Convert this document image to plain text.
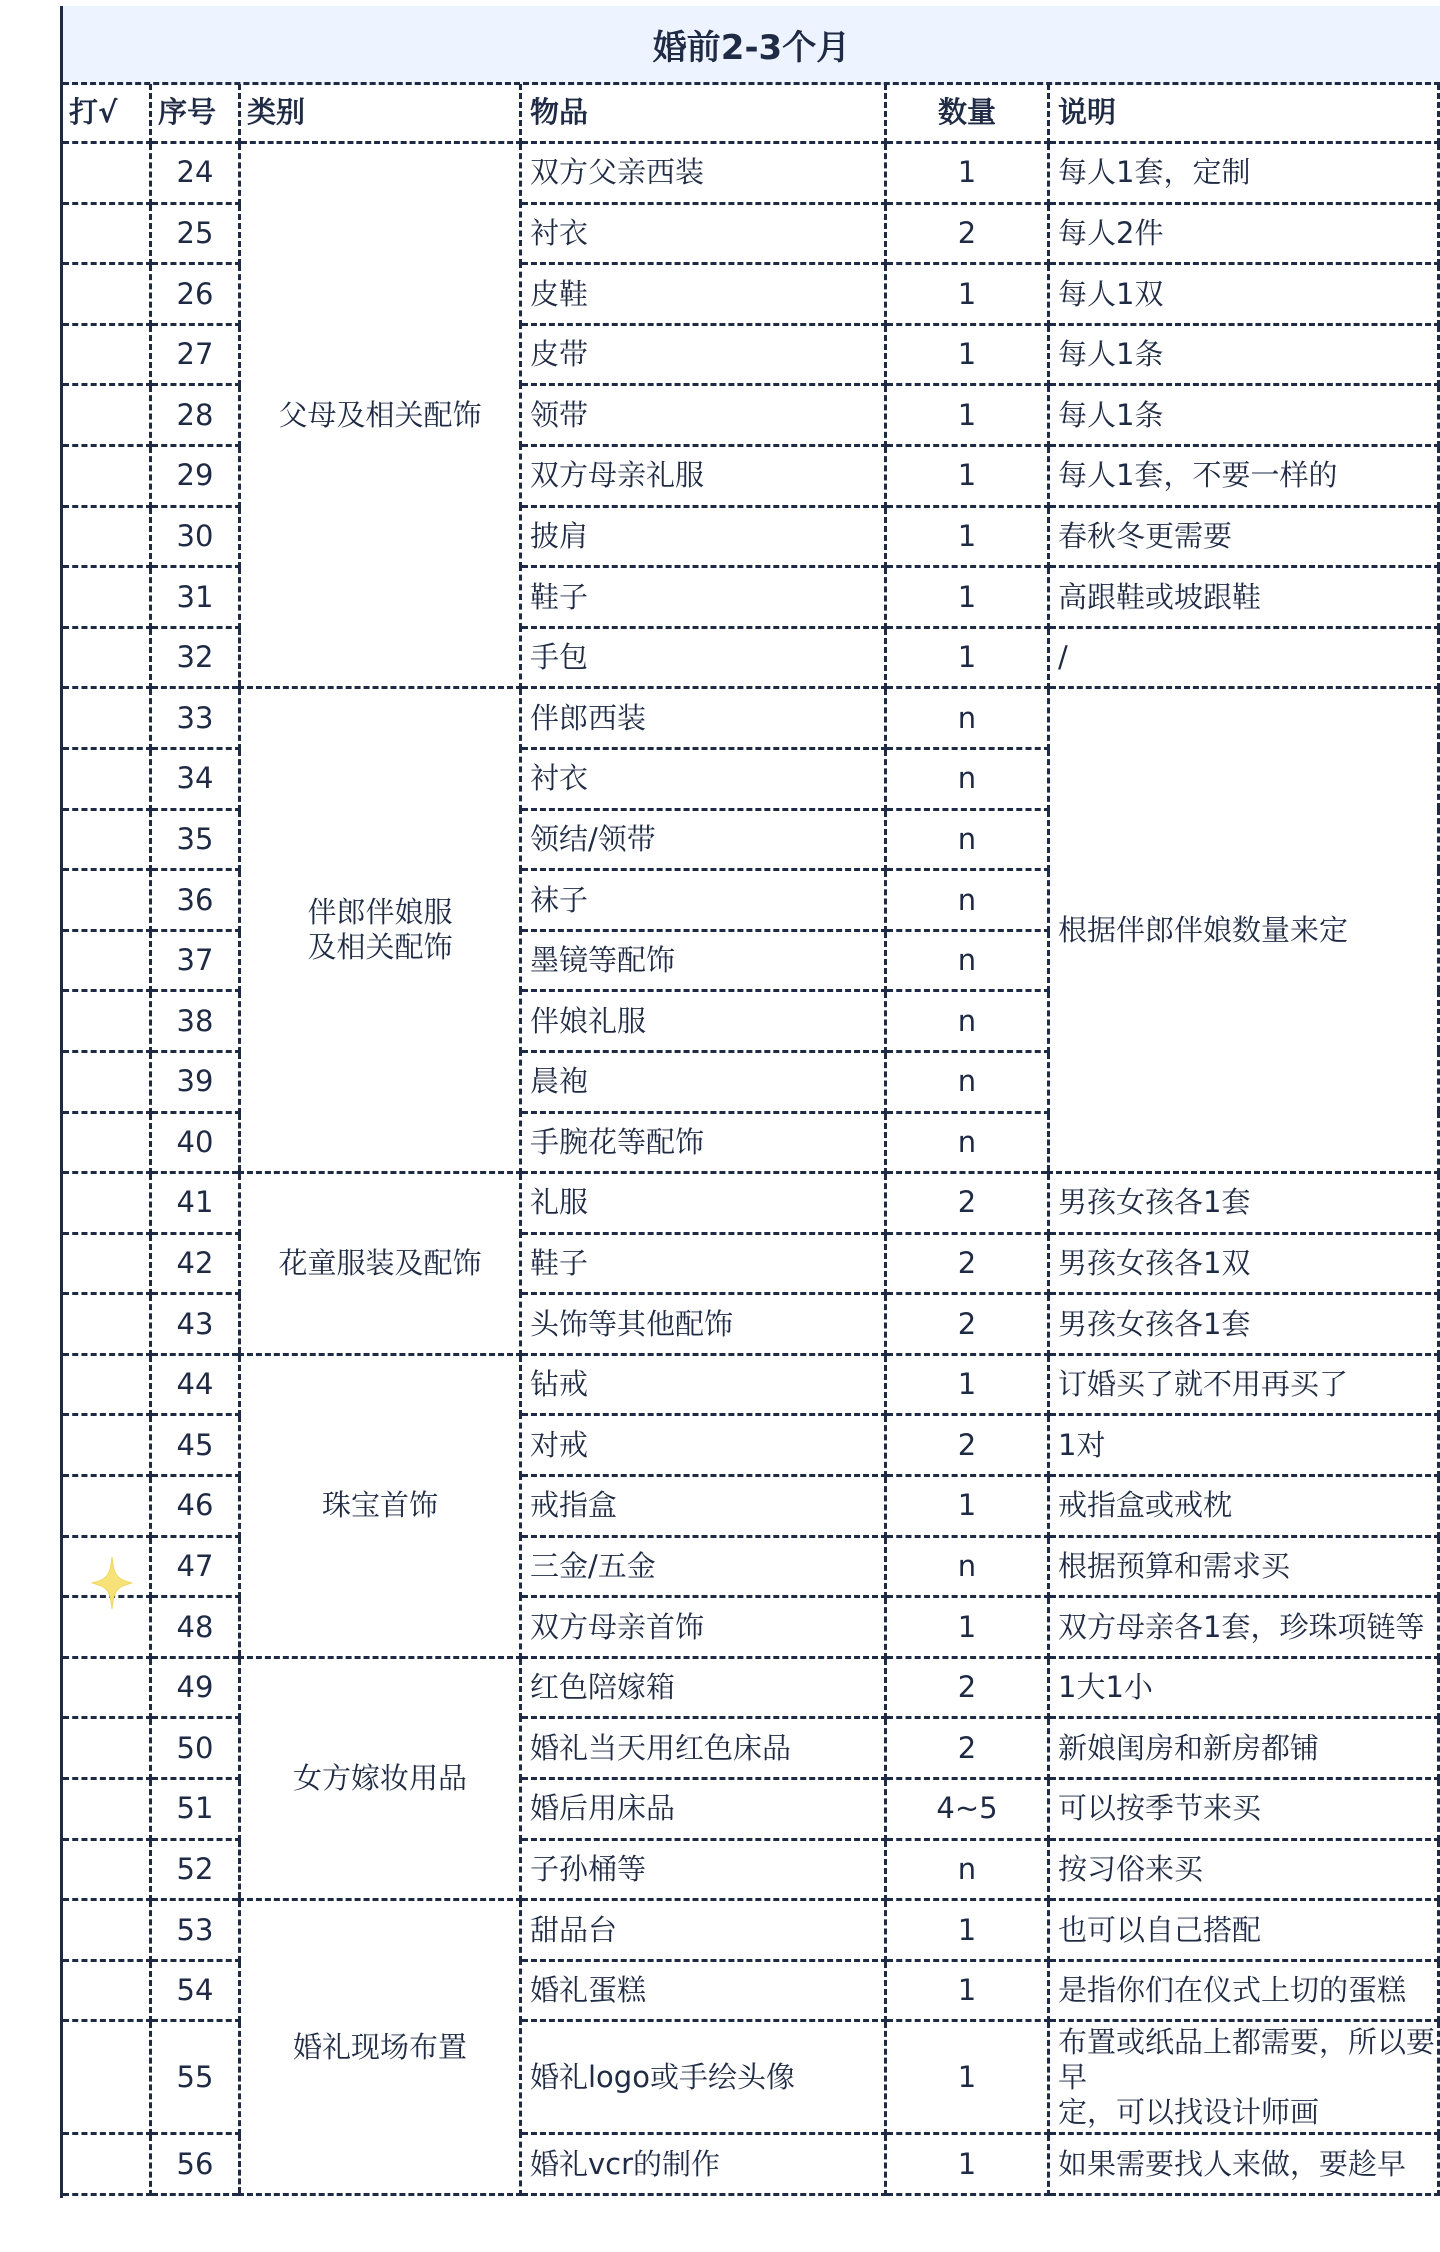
婚前2-3个月
打√	序号	类别	物品	数量	说明
	24	父母及相关配饰	双方父亲西装	1	每人1套，定制
	25		衬衣	2	每人2件
	26		皮鞋	1	每人1双
	27		皮带	1	每人1条
	28		领带	1	每人1条
	29		双方母亲礼服	1	每人1套，不要一样的
	30		披肩	1	春秋冬更需要
	31		鞋子	1	高跟鞋或坡跟鞋
	32		手包	1	/
	33	伴郎伴娘服
及相关配饰	伴郎西装	n	根据伴郎伴娘数量来定
	34		衬衣	n	
	35		领结/领带	n	
	36		袜子	n	
	37		墨镜等配饰	n	
	38		伴娘礼服	n	
	39		晨袍	n	
	40		手腕花等配饰	n	
	41	花童服装及配饰	礼服	2	男孩女孩各1套
	42		鞋子	2	男孩女孩各1双
	43		头饰等其他配饰	2	男孩女孩各1套
	44	珠宝首饰	钻戒	1	订婚买了就不用再买了
	45		对戒	2	1对
	46		戒指盒	1	戒指盒或戒枕
	47		三金/五金	n	根据预算和需求买
	48		双方母亲首饰	1	双方母亲各1套，珍珠项链等
	49	女方嫁妆用品	红色陪嫁箱	2	1大1小
	50		婚礼当天用红色床品	2	新娘闺房和新房都铺
	51		婚后用床品	4~5	可以按季节来买
	52		子孙桶等	n	按习俗来买
	53	婚礼现场布置	甜品台	1	也可以自己搭配
	54		婚礼蛋糕	1	是指你们在仪式上切的蛋糕
	55		婚礼logo或手绘头像	1	布置或纸品上都需要，所以要早
定，可以找设计师画
	56		婚礼vcr的制作	1	如果需要找人来做，要趁早
